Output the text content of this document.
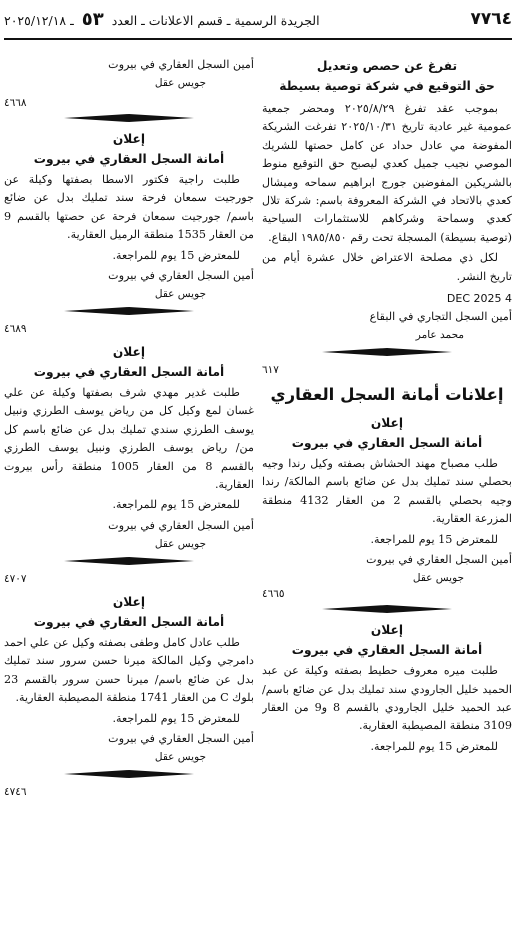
٧٧٦٤
الجريدة الرسمية ـ قسم الاعلانات ـ العدد ٥٣ ـ ٢٠٢٥/١٢/١٨

تفرغ عن حصص وتعديل

حق التوقيع في شركة توصية بسيطة

بموجب عقد تفرغ ٢٠٢٥/٨/٢٩ ومحضر جمعية عمومية غير عادية تاريخ ٢٠٢٥/١٠/٣١ تفرغت الشريكة المفوضة مي عادل حداد عن كامل حصتها للشريك الموصي نجيب جميل كعدي ليصبح حق التوقيع منوط بالشريكين المفوضين جورج ابراهيم سماحه وميشال كعدي بالاتحاد في الشركة المعروفة باسم: شركة تلال كعدي وسماحة وشركاهم للاستثمارات السياحية (توصية بسيطة) المسجلة تحت رقم ١٩٨٥/٨٥٠ البقاع.

لكل ذي مصلحة الاعتراض خلال عشرة أيام من تاريخ النشر.

4 DEC 2025

أمين السجل التجاري في البقاع

محمد عامر

٦١٧

إعلانات أمانة السجل العقاري

إعلان

أمانة السجل العقاري في بيروت

طلب مصباح مهند الحشاش بصفته وكيل رندا وجيه بحصلي سند تمليك بدل عن ضائع باسم المالكة/ رندا وجيه بحصلي بالقسم 2 من العقار 4132 منطقة المزرعة العقارية.

للمعترض 15 يوم للمراجعة.

أمين السجل العقاري في بيروت

جويس عقل

٤٦٦٥

إعلان

أمانة السجل العقاري في بيروت

طلبت ميره معروف حطيط بصفته وكيلة عن عبد الحميد خليل الجارودي سند تمليك بدل عن ضائع باسم/ عبد الحميد خليل الجارودي بالقسم 8 و9 من العقار 3109 منطقة المصيطبة العقارية.

للمعترض 15 يوم للمراجعة.

أمين السجل العقاري في بيروت

جويس عقل

٤٦٦٨

إعلان

أمانة السجل العقاري في بيروت

طلبت راجية فكتور الاسطا بصفتها وكيلة عن جورجيت سمعان فرحة سند تمليك بدل عن ضائع باسم/ جورجيت سمعان فرحة عن حصتها بالقسم 9 من العقار 1535 منطقة الرميل العقارية.

للمعترض 15 يوم للمراجعة.

أمين السجل العقاري في بيروت

جويس عقل

٤٦٨٩

إعلان

أمانة السجل العقاري في بيروت

طلبت غدير مهدي شرف بصفتها وكيلة عن علي غسان لمع وكيل كل من رياض يوسف الطرزي ونبيل يوسف الطرزي سندي تمليك بدل عن ضائع باسم كل من/ رياض يوسف الطرزي ونبيل يوسف الطرزي بالقسم 8 من العقار 1005 منطقة رأس بيروت العقارية.

للمعترض 15 يوم للمراجعة.

أمين السجل العقاري في بيروت

جويس عقل

٤٧٠٧

إعلان

أمانة السجل العقاري في بيروت

طلب عادل كامل وطفى بصفته وكيل عن علي احمد دامرجي وكيل المالكة ميرنا حسن سرور سند تمليك بدل عن ضائع باسم/ ميرنا حسن سرور بالقسم 23 بلوك C من العقار 1741 منطقة المصيطبة العقارية.

للمعترض 15 يوم للمراجعة.

أمين السجل العقاري في بيروت

جويس عقل

٤٧٤٦
